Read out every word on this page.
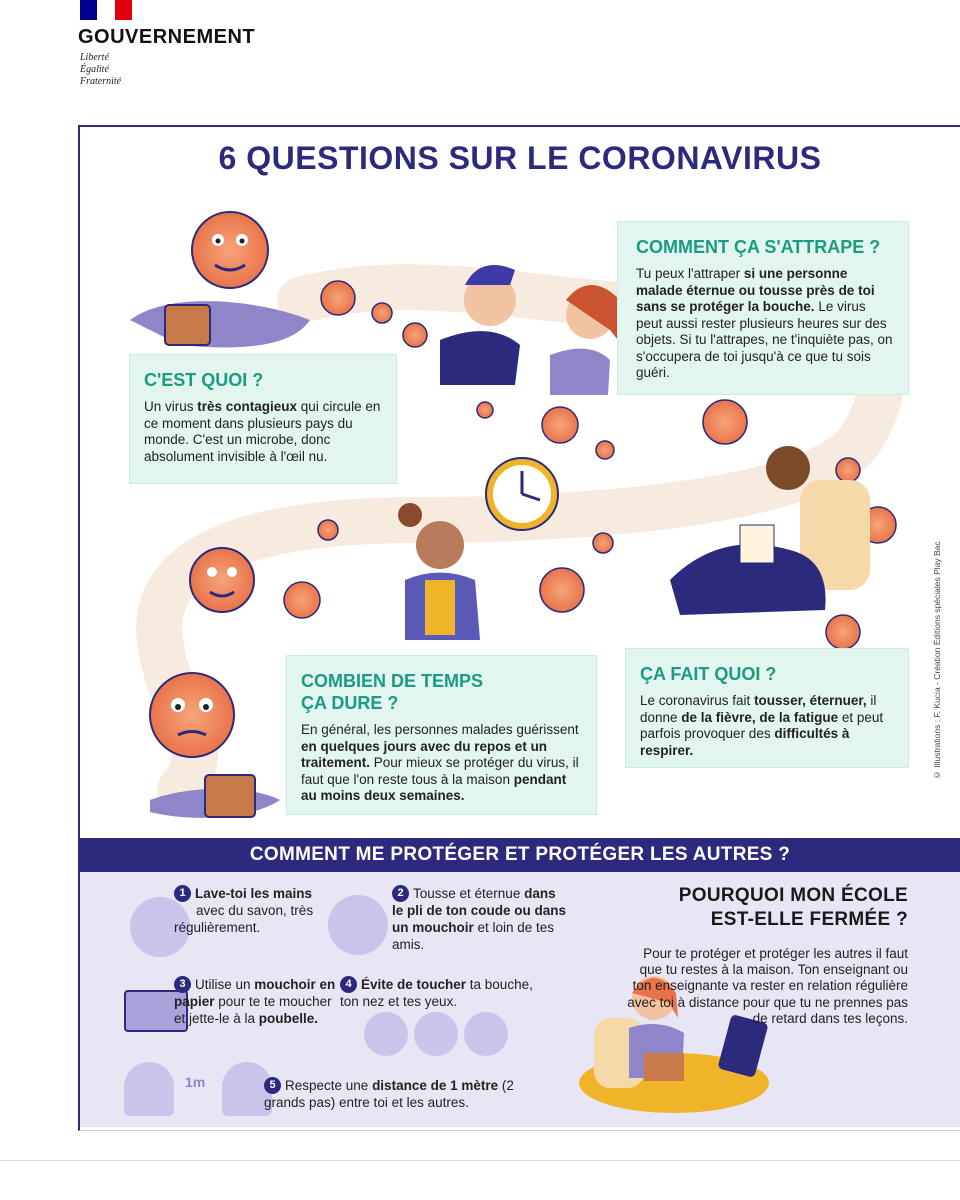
GOUVERNEMENT
Liberté
Égalité
Fraternité
6 QUESTIONS SUR LE CORONAVIRUS
C'EST QUOI ?

Un virus très contagieux qui circule en ce moment dans plusieurs pays du monde. C'est un microbe, donc absolument invisible à l'œil nu.

COMMENT ÇA S'ATTRAPE ?

Tu peux l'attraper si une personne malade éternue ou tousse près de toi sans se protéger la bouche. Le virus peut aussi rester plusieurs heures sur des objets. Si tu l'attrapes, ne t'inquiète pas, on s'occupera de toi jusqu'à ce que tu sois guéri.

COMBIEN DE TEMPS
ÇA DURE ?

En général, les personnes malades guérissent en quelques jours avec du repos et un traitement. Pour mieux se protéger du virus, il faut que l'on reste tous à la maison pendant au moins deux semaines.

ÇA FAIT QUOI ?

Le coronavirus fait tousser, éternuer, il donne de la fièvre, de la fatigue et peut parfois provoquer des difficultés à respirer.	© Illustrations : F. Kucia - Création Éditions spéciales Play Bac
COMMENT ME PROTÉGER ET PROTÉGER LES AUTRES ?
1m
1 Lave-toi les mains avec du savon, très régulièrement.
2 Tousse et éternue dans le pli de ton coude ou dans un mouchoir et loin de tes amis.
3 Utilise un mouchoir en papier pour te te moucher et jette-le à la poubelle.
4 Évite de toucher ta bouche, ton nez et tes yeux.
5 Respecte une distance de 1 mètre (2 grands pas) entre toi et les autres.
POURQUOI MON ÉCOLE
EST-ELLE FERMÉE ?
Pour te protéger et protéger les autres il faut que tu restes à la maison. Ton enseignant ou ton enseignante va rester en relation régulière avec toi à distance pour que tu ne prennes pas de retard dans tes leçons.
